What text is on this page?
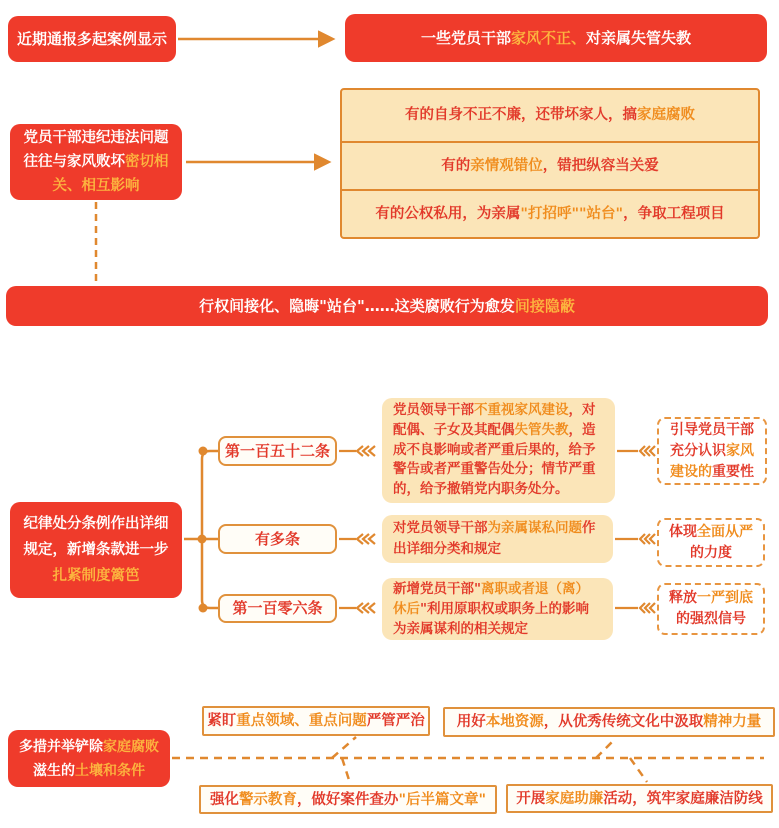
近期通报多起案例显示	一些党员干部家风不正、对亲属失管失教
党员干部违纪违法问题往往与家风败坏密切相关、相互影响
有的自身不正不廉，还带坏家人，搞家庭腐败
有的亲情观错位，错把纵容当关爱
有的公权私用，为亲属"打招呼""站台"，争取工程项目
行权间接化、隐晦"站台"……这类腐败行为愈发间接隐蔽
纪律处分条例作出详细规定，新增条款进一步扎紧制度篱笆
第一百五十二条
有多条
第一百零六条
党员领导干部不重视家风建设，对配偶、子女及其配偶失管失教，造成不良影响或者严重后果的，给予警告或者严重警告处分；情节严重的，给予撤销党内职务处分。
对党员领导干部为亲属谋私问题作出详细分类和规定
新增党员干部"离职或者退（离）休后"利用原职权或职务上的影响为亲属谋利的相关规定
引导党员干部充分认识家风建设的重要性
体现全面从严的力度
释放一严到底的强烈信号
多措并举铲除家庭腐败滋生的土壤和条件
紧盯重点领域、重点问题严管严治 用好本地资源，从优秀传统文化中汲取精神力量
强化警示教育，做好案件查办"后半篇文章" 开展家庭助廉活动，筑牢家庭廉洁防线
